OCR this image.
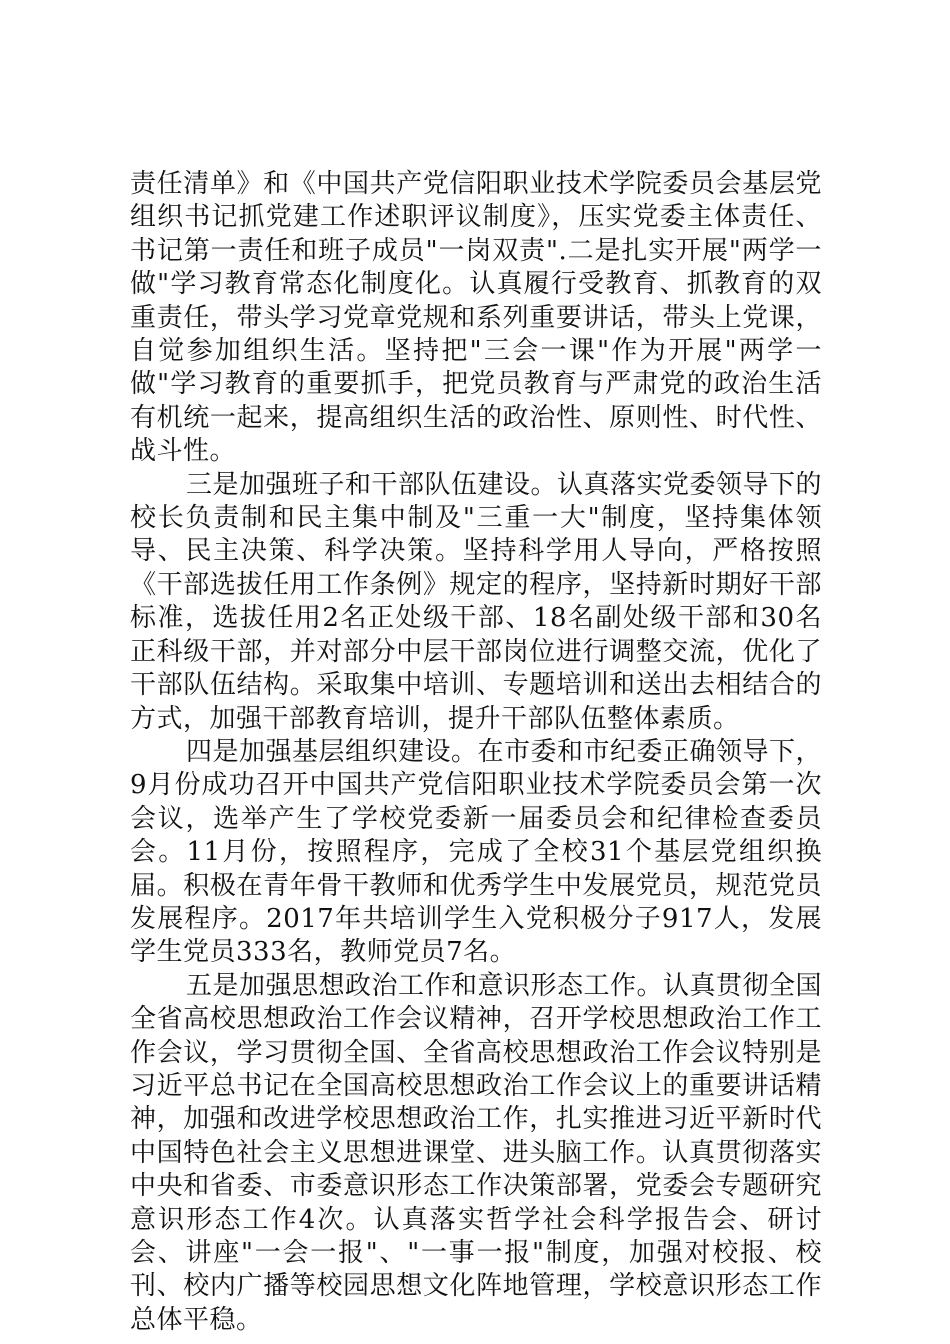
责任清单》和《中国共产党信阳职业技术学院委员会基层党组织书记抓党建工作述职评议制度》，压实党委主体责任、书记第一责任和班子成员"一岗双责".二是扎实开展"两学一做"学习教育常态化制度化。认真履行受教育、抓教育的双重责任，带头学习党章党规和系列重要讲话，带头上党课，自觉参加组织生活。坚持把"三会一课"作为开展"两学一做"学习教育的重要抓手，把党员教育与严肃党的政治生活有机统一起来，提高组织生活的政治性、原则性、时代性、战斗性。

三是加强班子和干部队伍建设。认真落实党委领导下的校长负责制和民主集中制及"三重一大"制度，坚持集体领导、民主决策、科学决策。坚持科学用人导向，严格按照《干部选拔任用工作条例》规定的程序，坚持新时期好干部标准，选拔任用2名正处级干部、18名副处级干部和30名正科级干部，并对部分中层干部岗位进行调整交流，优化了干部队伍结构。采取集中培训、专题培训和送出去相结合的方式，加强干部教育培训，提升干部队伍整体素质。

四是加强基层组织建设。在市委和市纪委正确领导下，9月份成功召开中国共产党信阳职业技术学院委员会第一次会议，选举产生了学校党委新一届委员会和纪律检查委员会。11月份，按照程序，完成了全校31个基层党组织换届。积极在青年骨干教师和优秀学生中发展党员，规范党员发展程序。2017年共培训学生入党积极分子917人，发展学生党员333名，教师党员7名。

五是加强思想政治工作和意识形态工作。认真贯彻全国全省高校思想政治工作会议精神，召开学校思想政治工作工作会议，学习贯彻全国、全省高校思想政治工作会议特别是习近平总书记在全国高校思想政治工作会议上的重要讲话精神，加强和改进学校思想政治工作，扎实推进习近平新时代中国特色社会主义思想进课堂、进头脑工作。认真贯彻落实中央和省委、市委意识形态工作决策部署，党委会专题研究意识形态工作4次。认真落实哲学社会科学报告会、研讨会、讲座"一会一报"、"一事一报"制度，加强对校报、校刊、校内广播等校园思想文化阵地管理，学校意识形态工作总体平稳。
